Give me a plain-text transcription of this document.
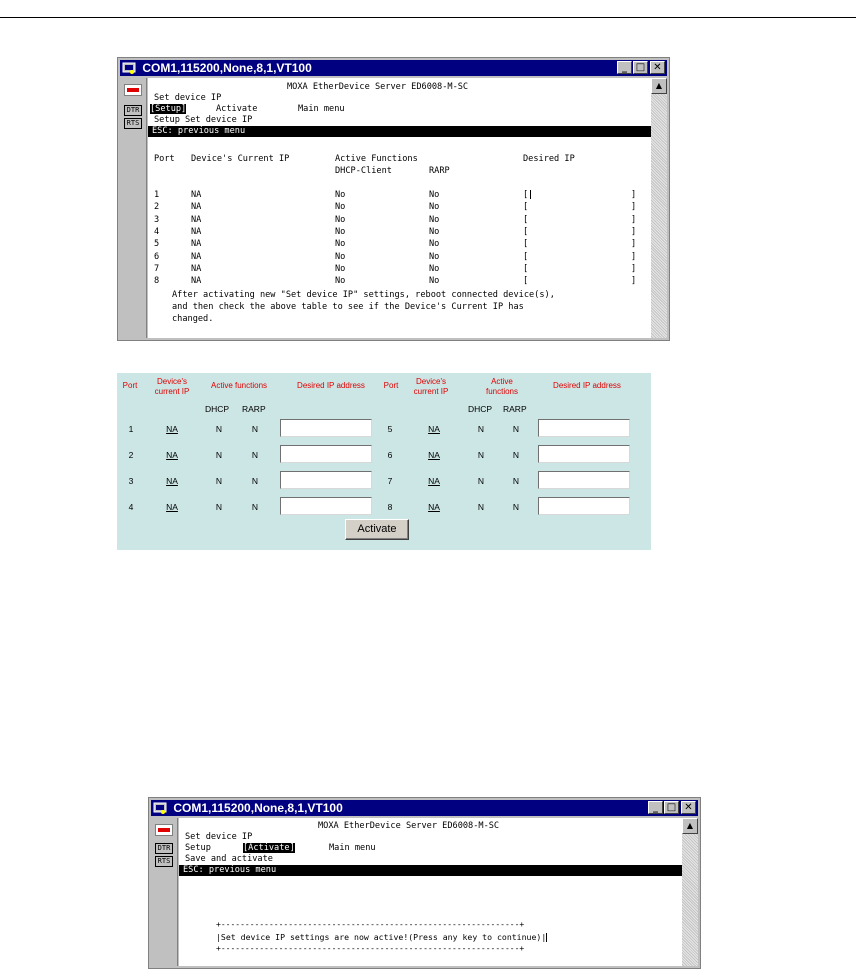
COM1,115200,None,8,1,VT100	_ □ ✕
DTR
RTS
MOXA EtherDevice Server ED6008-M-SC
Set device IP
[Setup]	Activate	Main menu
Setup Set device IP
ESC: previous menu
Port Device's Current IP	Active Functions	Desired IP
DHCP-Client	RARP
1	NA	No	No	[	]
2	NA	No	No	[	]
3	NA	No	No	[	]
4	NA	No	No	[	]
5	NA	No	No	[	]
6	NA	No	No	[	]
7	NA	No	No	[	]
8	NA	No	No	[	]
After activating new "Set device IP" settings, reboot connected device(s),
and then check the above table to see if the Device's Current IP has
changed.
▲
Port	Device's
current IP
Active functions	Desired IP address
DHCP RARP
Port	Device's
current IP
Active
functions
Desired IP address
DHCP RARP
1	NA	N	N
2	NA	N	N
3	NA	N	N
4	NA	N	N
5	NA	N	N
6	NA	N	N
7	NA	N	N
8	NA	N	N
Activate
COM1,115200,None,8,1,VT100	_ □ ✕
DTR
RTS
MOXA EtherDevice Server ED6008-M-SC
Set device IP
Setup	[Activate]	Main menu
Save and activate
ESC: previous menu
+--------------------------------------------------------------+
|Set device IP settings are now active!(Press any key to continue)|
+--------------------------------------------------------------+
▲
